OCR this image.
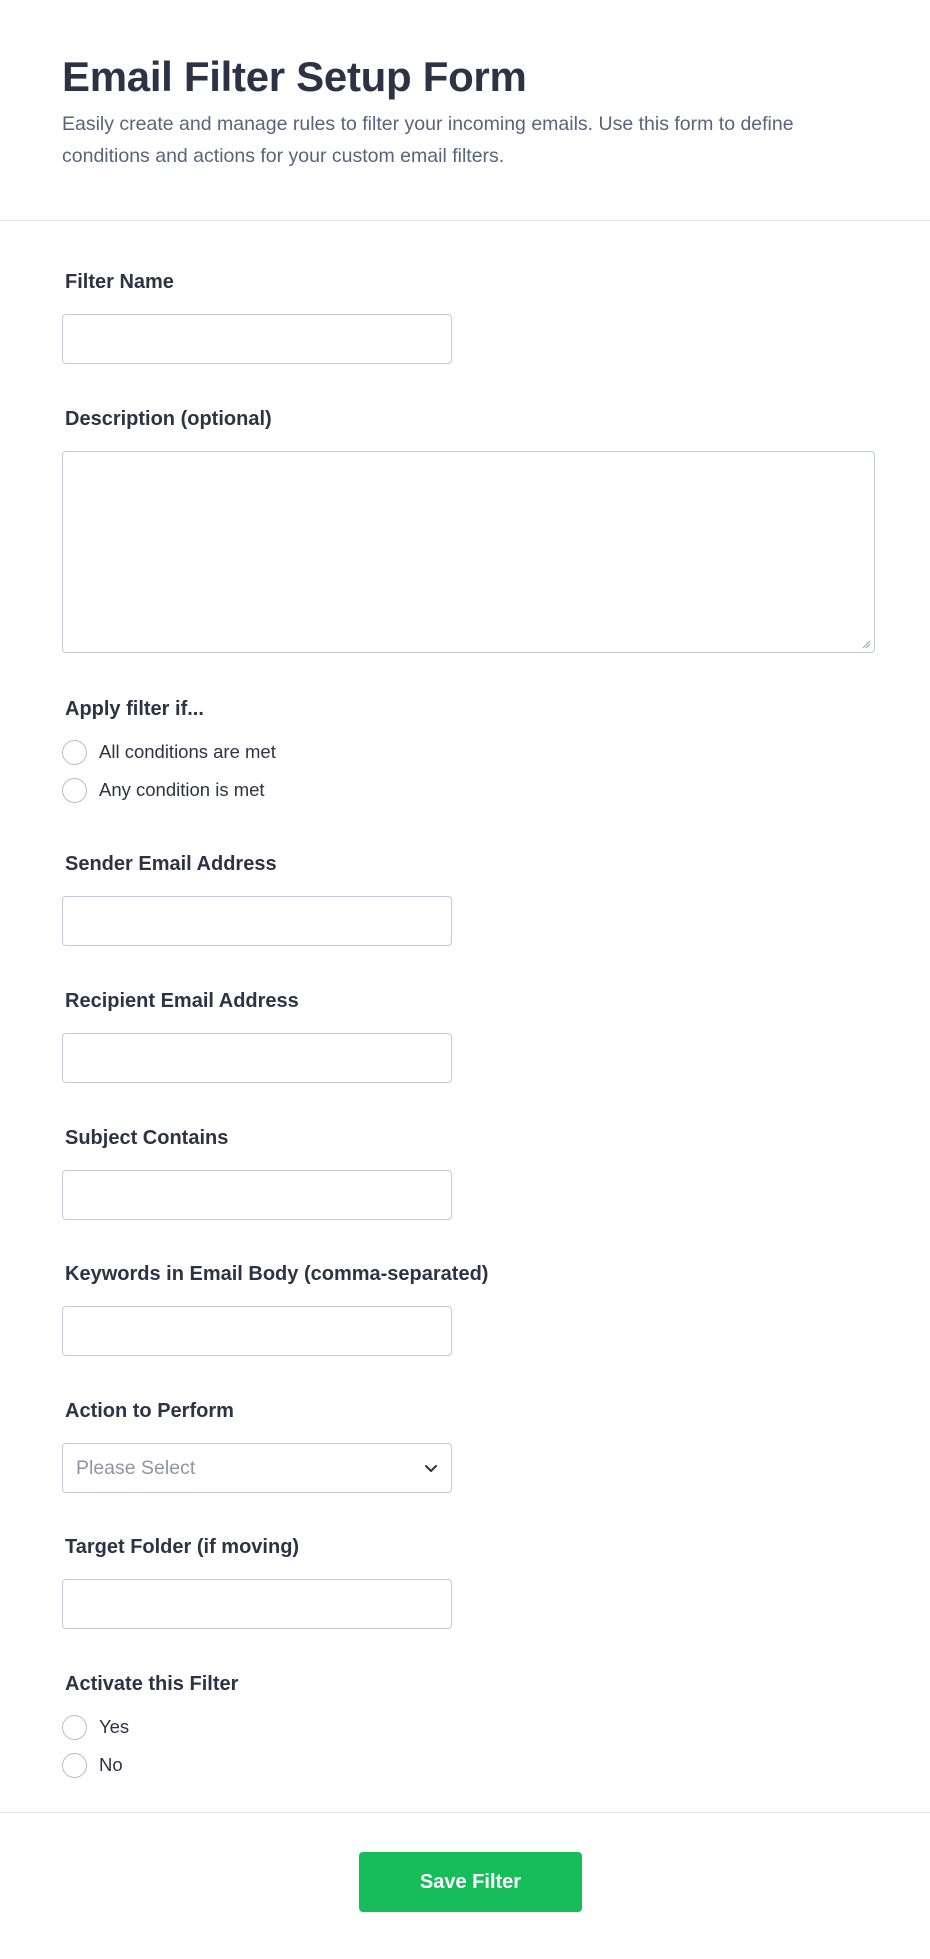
Email Filter Setup Form

Easily create and manage rules to filter your incoming emails. Use this form to define conditions and actions for your custom email filters.

Filter Name
Description (optional)
Apply filter if...
All conditions are met
Any condition is met
Sender Email Address
Recipient Email Address
Subject Contains
Keywords in Email Body (comma-separated)
Action to Perform
Please Select
Target Folder (if moving)
Activate this Filter
Yes
No
Save Filter
